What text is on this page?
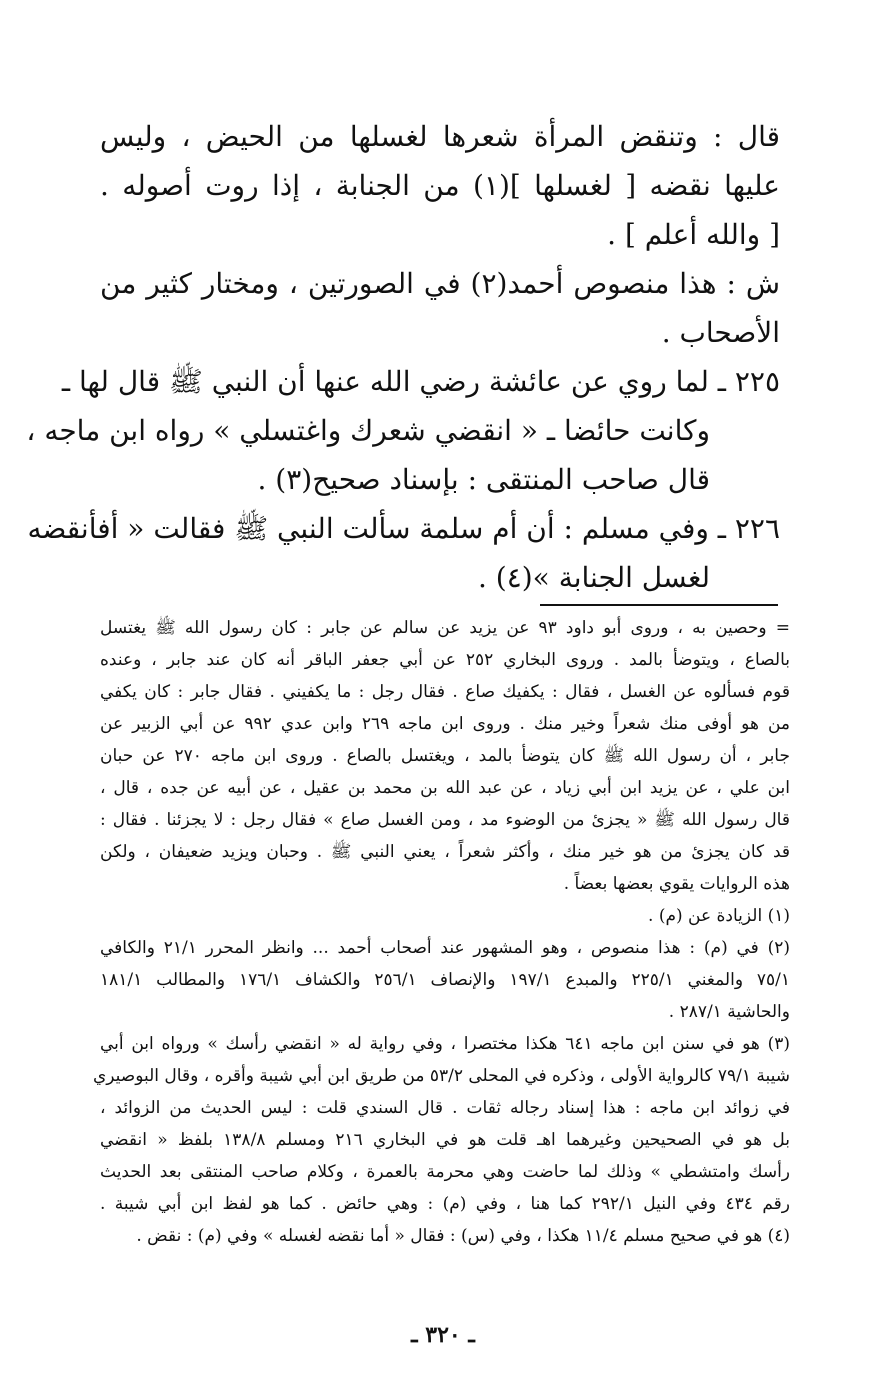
قال : وتنقض المرأة شعرها لغسلها من الحيض ، وليس
عليها نقضه [ لغسلها ](١) من الجنابة ، إذا روت أصوله .
[ والله أعلم ] .
ش : هذا منصوص أحمد(٢) في الصورتين ، ومختار كثير من
الأصحاب .
٢٢٥ ـ لما روي عن عائشة رضي الله عنها أن النبي ﷺ قال لها ـ
وكانت حائضا ـ « انقضي شعرك واغتسلي » رواه ابن ماجه ،
قال صاحب المنتقى : بإسناد صحيح(٣) .
٢٢٦ ـ وفي مسلم : أن أم سلمة سألت النبي ﷺ فقالت « أفأنقضه
لغسل الجنابة »(٤) .
= وحصين به ، وروى أبو داود ٩٣ عن يزيد عن سالم عن جابر : كان رسول الله ﷺ يغتسل
بالصاع ، ويتوضأ بالمد . وروى البخاري ٢٥٢ عن أبي جعفر الباقر أنه كان عند جابر ، وعنده
قوم فسألوه عن الغسل ، فقال : يكفيك صاع . فقال رجل : ما يكفيني . فقال جابر : كان يكفي
من هو أوفى منك شعراً وخير منك . وروى ابن ماجه ٢٦٩ وابن عدي ٩٩٢ عن أبي الزبير عن
جابر ، أن رسول الله ﷺ كان يتوضأ بالمد ، ويغتسل بالصاع . وروى ابن ماجه ٢٧٠ عن حبان
ابن علي ، عن يزيد ابن أبي زياد ، عن عبد الله بن محمد بن عقيل ، عن أبيه عن جده ، قال ،
قال رسول الله ﷺ « يجزئ من الوضوء مد ، ومن الغسل صاع » فقال رجل : لا يجزئنا . فقال :
قد كان يجزئ من هو خير منك ، وأكثر شعراً ، يعني النبي ﷺ . وحبان ويزيد ضعيفان ، ولكن
هذه الروايات يقوي بعضها بعضاً .
(١) الزيادة عن (م) .
(٢) في (م) : هذا منصوص ، وهو المشهور عند أصحاب أحمد ... وانظر المحرر ٢١/١ والكافي
٧٥/١ والمغني ٢٢٥/١ والمبدع ١٩٧/١ والإنصاف ٢٥٦/١ والكشاف ١٧٦/١ والمطالب ١٨١/١
والحاشية ٢٨٧/١ .
(٣) هو في سنن ابن ماجه ٦٤١ هكذا مختصرا ، وفي رواية له « انقضي رأسك » ورواه ابن أبي
شيبة ٧٩/١ كالرواية الأولى ، وذكره في المحلى ٥٣/٢ من طريق ابن أبي شيبة وأقره ، وقال البوصيري
في زوائد ابن ماجه : هذا إسناد رجاله ثقات . قال السندي قلت : ليس الحديث من الزوائد ،
بل هو في الصحيحين وغيرهما اهـ قلت هو في البخاري ٢١٦ ومسلم ١٣٨/٨ بلفظ « انقضي
رأسك وامتشطي » وذلك لما حاضت وهي محرمة بالعمرة ، وكلام صاحب المنتقى بعد الحديث
رقم ٤٣٤ وفي النيل ٢٩٢/١ كما هنا ، وفي (م) : وهي حائض . كما هو لفظ ابن أبي شيبة .
(٤) هو في صحيح مسلم ١١/٤ هكذا ، وفي (س) : فقال « أما نقضه لغسله » وفي (م) : نقض .
ـ ٣٢٠ ـ
